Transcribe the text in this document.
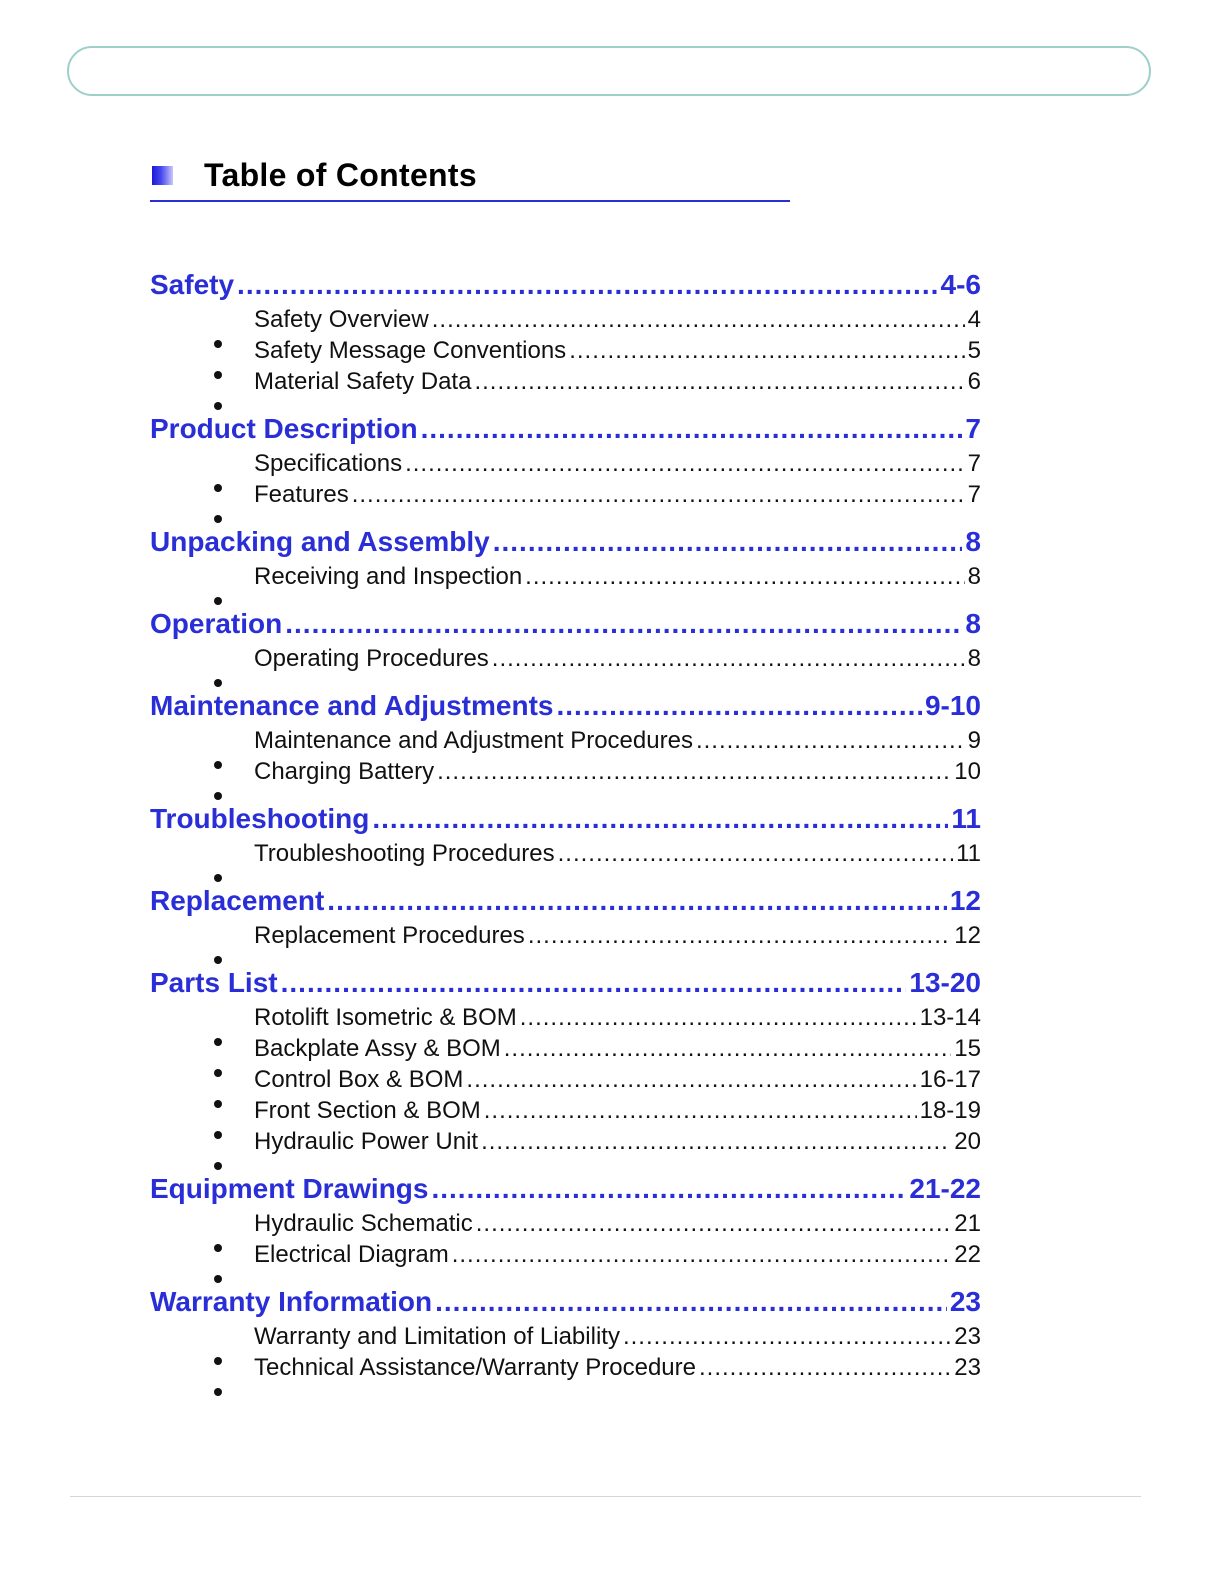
Table of Contents
Safety .....	4-6
Safety Overview .....	4
Safety Message Conventions .....	5
Material Safety Data .....	6
Product Description .....	7
Specifications .....	7
Features .....	7
Unpacking and Assembly .....	8
Receiving and Inspection .....	8
Operation .....	8
Operating Procedures .....	8
Maintenance and Adjustments .....	9-10
Maintenance and Adjustment Procedures .....	9
Charging Battery .....	10
Troubleshooting .....	11
Troubleshooting Procedures .....	11
Replacement .....	12
Replacement Procedures .....	12
Parts List .....	13-20
Rotolift Isometric & BOM .....	13-14
Backplate Assy & BOM .....	15
Control Box & BOM .....	16-17
Front Section & BOM .....	18-19
Hydraulic Power Unit .....	20
Equipment Drawings .....	21-22
Hydraulic Schematic .....	21
Electrical Diagram .....	22
Warranty Information .....	23
Warranty and Limitation of Liability .....	23
Technical Assistance/Warranty Procedure .....	23
